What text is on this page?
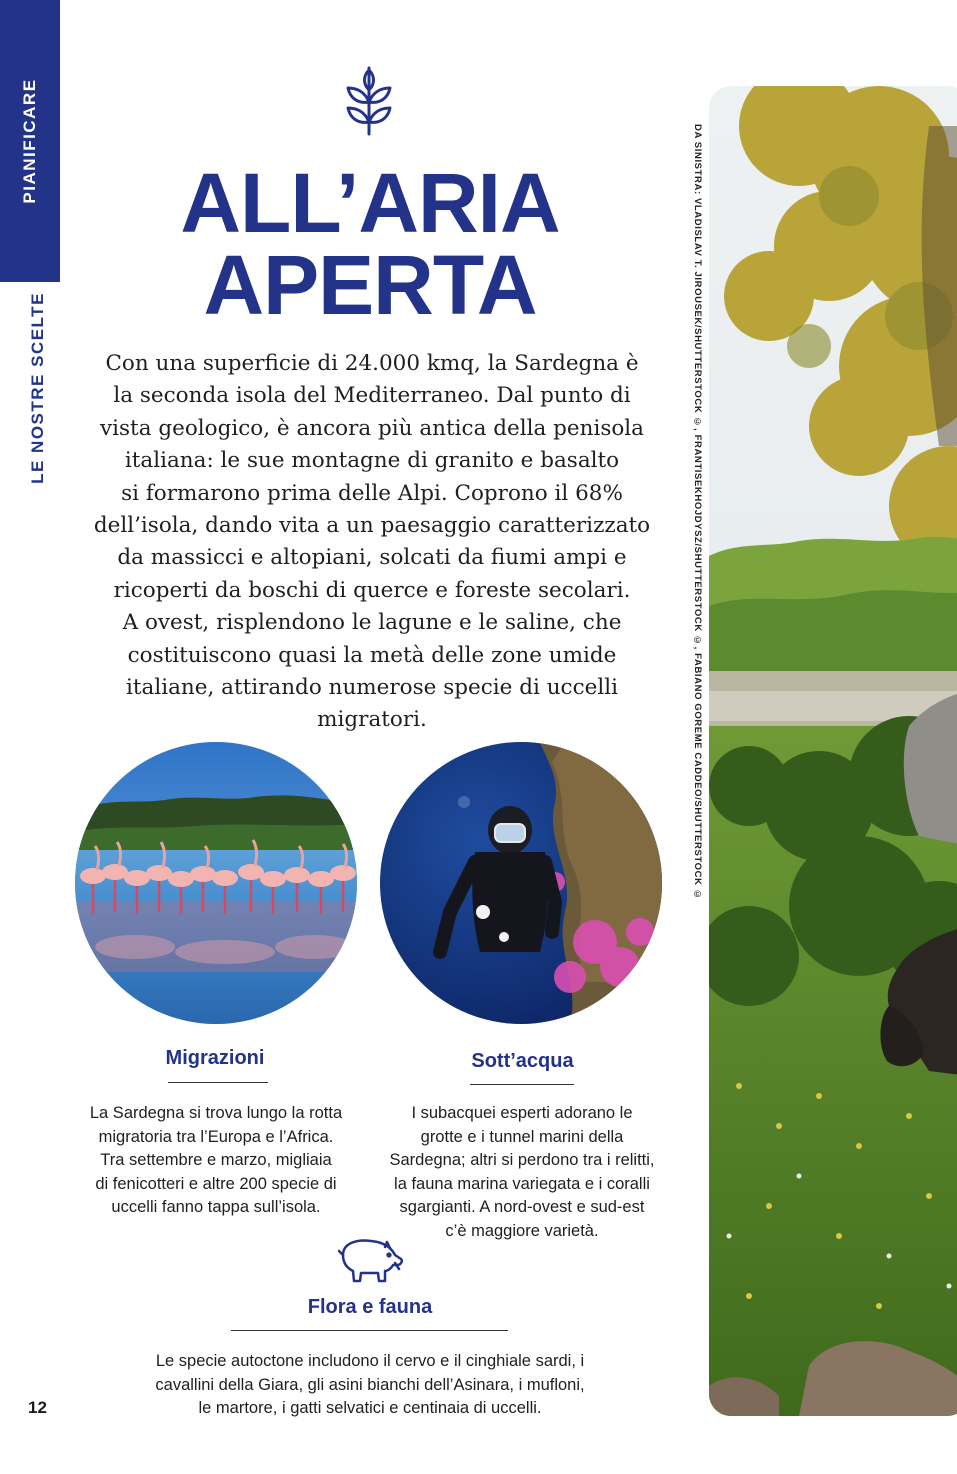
PIANIFICARE
LE NOSTRE SCELTE
12
ALL’ARIA
APERTA
Con una superficie di 24.000 kmq, la Sardegna è
la seconda isola del Mediterraneo. Dal punto di
vista geologico, è ancora più antica della penisola
italiana: le sue montagne di granito e basalto
si formarono prima delle Alpi. Coprono il 68%
dell’isola, dando vita a un paesaggio caratterizzato
da massicci e altopiani, solcati da fiumi ampi e
ricoperti da boschi di querce e foreste secolari.
A ovest, risplendono le lagune e le saline, che
costituiscono quasi la metà delle zone umide
italiane, attirando numerose specie di uccelli
migratori.
Migrazioni
La Sardegna si trova lungo la rotta
migratoria tra l’Europa e l’Africa.
Tra settembre e marzo, migliaia
di fenicotteri e altre 200 specie di
uccelli fanno tappa sull’isola.
Sott’acqua
I subacquei esperti adorano le
grotte e i tunnel marini della
Sardegna; altri si perdono tra i relitti,
la fauna marina variegata e i coralli
sgargianti. A nord-ovest e sud-est
c’è maggiore varietà.
Flora e fauna
Le specie autoctone includono il cervo e il cinghiale sardi, i
cavallini della Giara, gli asini bianchi dell’Asinara, i mufloni,
le martore, i gatti selvatici e centinaia di uccelli.
DA SINISTRA: VLADISLAV T. JIROUSEK/SHUTTERSTOCK ©, FRANTISEKHOJDYSZ/SHUTTERSTOCK ©, FABIANO GOREME CADDEO/SHUTTERSTOCK ©
